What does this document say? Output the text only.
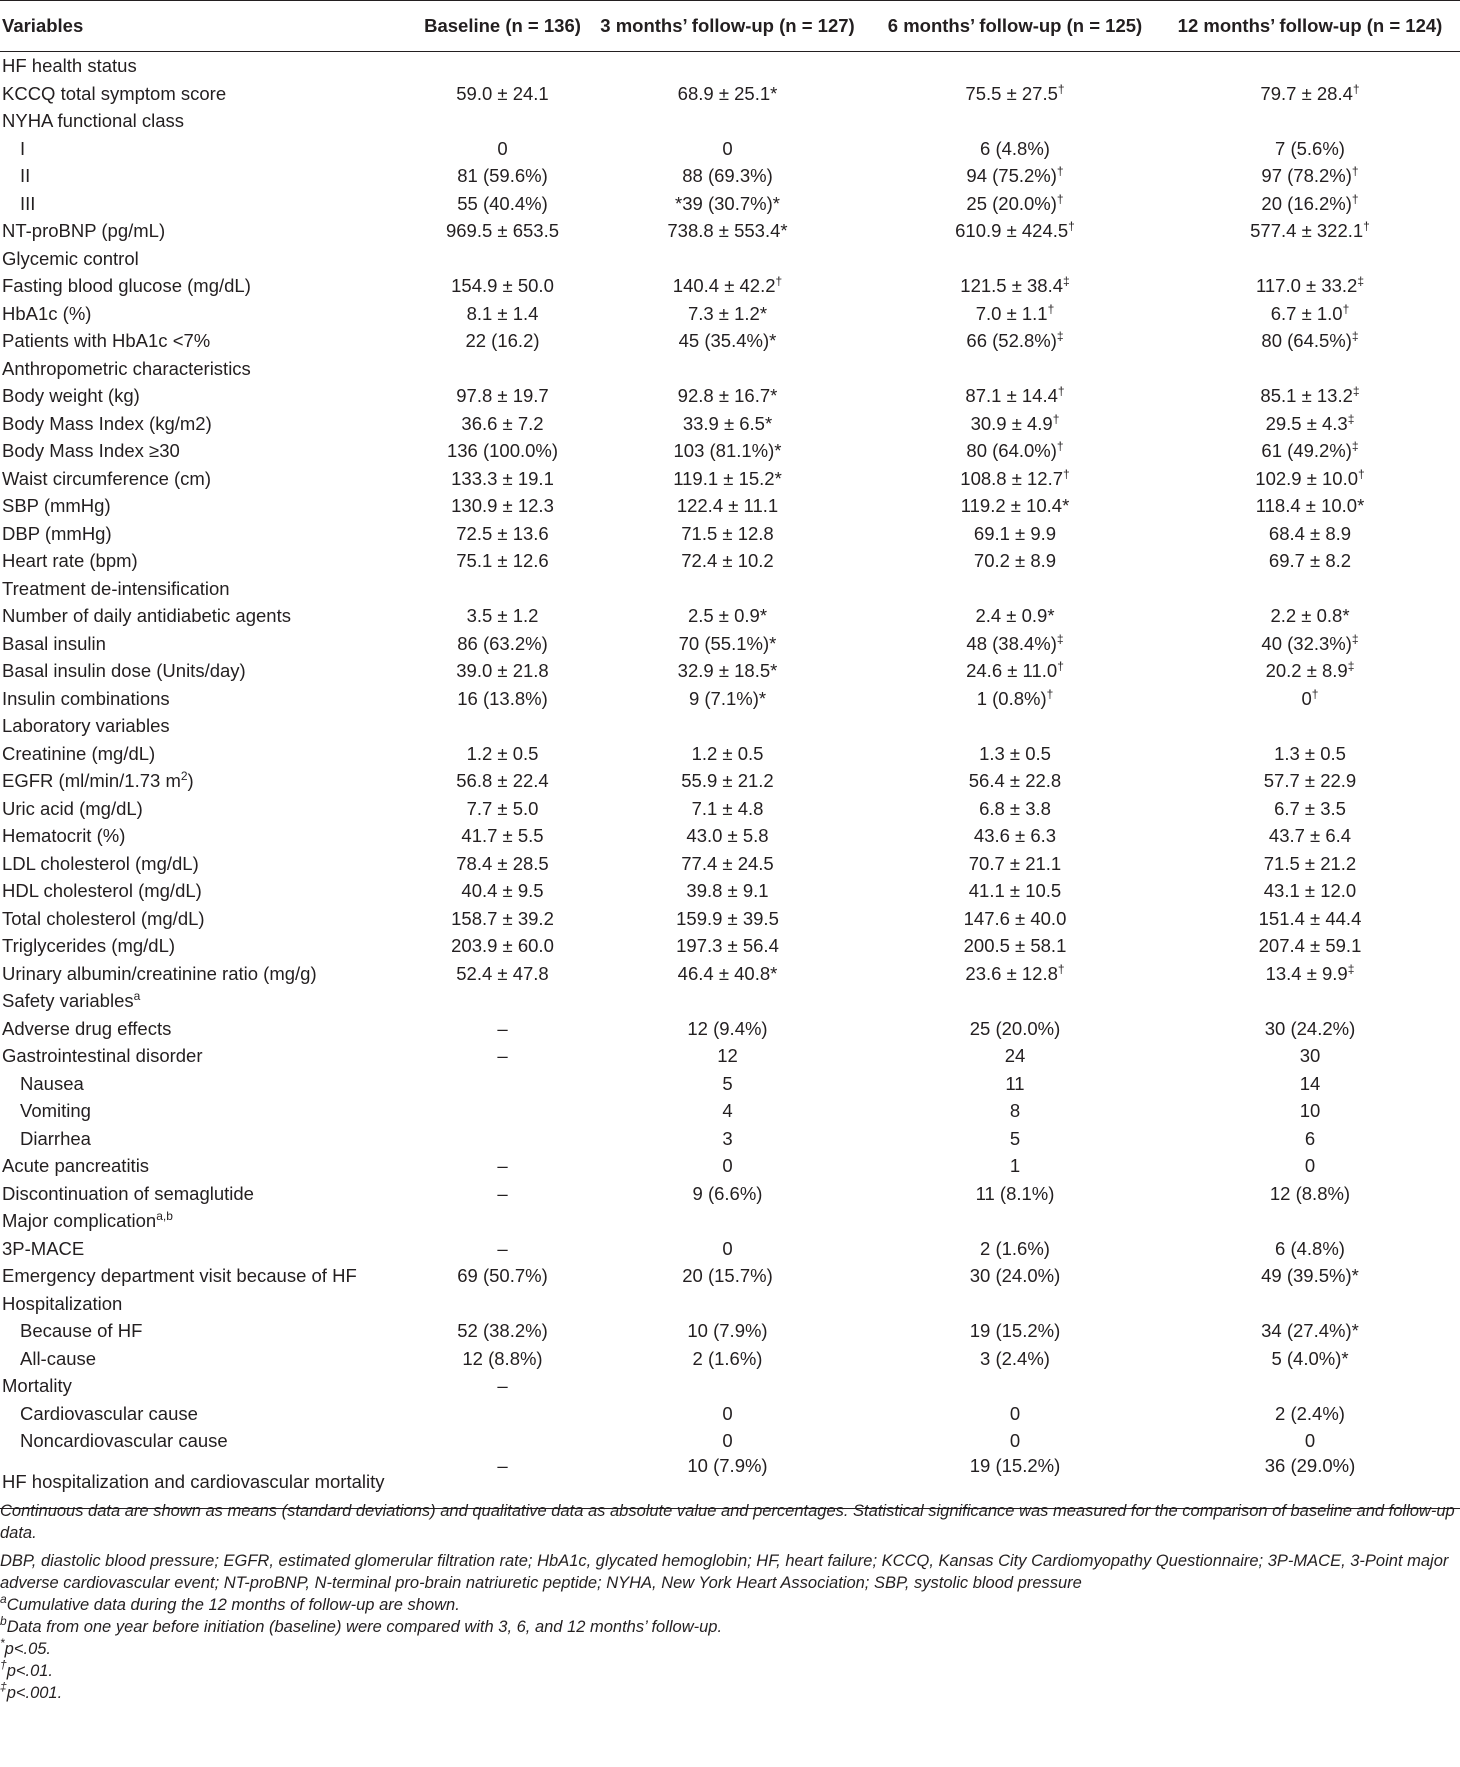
Variables	Baseline (n = 136)	3 months’ follow-up (n = 127)	6 months’ follow-up (n = 125)	12 months’ follow-up (n = 124)
HF health status				
KCCQ total symptom score	59.0 ± 24.1	68.9 ± 25.1*	75.5 ± 27.5†	79.7 ± 28.4†
NYHA functional class				
I	0	0	6 (4.8%)	7 (5.6%)
II	81 (59.6%)	88 (69.3%)	94 (75.2%)†	97 (78.2%)†
III	55 (40.4%)	*39 (30.7%)*	25 (20.0%)†	20 (16.2%)†
NT-proBNP (pg/mL)	969.5 ± 653.5	738.8 ± 553.4*	610.9 ± 424.5†	577.4 ± 322.1†
Glycemic control				
Fasting blood glucose (mg/dL)	154.9 ± 50.0	140.4 ± 42.2†	121.5 ± 38.4‡	117.0 ± 33.2‡
HbA1c (%)	8.1 ± 1.4	7.3 ± 1.2*	7.0 ± 1.1†	6.7 ± 1.0†
Patients with HbA1c <7%	22 (16.2)	45 (35.4%)*	66 (52.8%)‡	80 (64.5%)‡
Anthropometric characteristics				
Body weight (kg)	97.8 ± 19.7	92.8 ± 16.7*	87.1 ± 14.4†	85.1 ± 13.2‡
Body Mass Index (kg/m2)	36.6 ± 7.2	33.9 ± 6.5*	30.9 ± 4.9†	29.5 ± 4.3‡
Body Mass Index ≥30	136 (100.0%)	103 (81.1%)*	80 (64.0%)†	61 (49.2%)‡
Waist circumference (cm)	133.3 ± 19.1	119.1 ± 15.2*	108.8 ± 12.7†	102.9 ± 10.0†
SBP (mmHg)	130.9 ± 12.3	122.4 ± 11.1	119.2 ± 10.4*	118.4 ± 10.0*
DBP (mmHg)	72.5 ± 13.6	71.5 ± 12.8	69.1 ± 9.9	68.4 ± 8.9
Heart rate (bpm)	75.1 ± 12.6	72.4 ± 10.2	70.2 ± 8.9	69.7 ± 8.2
Treatment de-intensification				
Number of daily antidiabetic agents	3.5 ± 1.2	2.5 ± 0.9*	2.4 ± 0.9*	2.2 ± 0.8*
Basal insulin	86 (63.2%)	70 (55.1%)*	48 (38.4%)‡	40 (32.3%)‡
Basal insulin dose (Units/day)	39.0 ± 21.8	32.9 ± 18.5*	24.6 ± 11.0†	20.2 ± 8.9‡
Insulin combinations	16 (13.8%)	9 (7.1%)*	1 (0.8%)†	0†
Laboratory variables				
Creatinine (mg/dL)	1.2 ± 0.5	1.2 ± 0.5	1.3 ± 0.5	1.3 ± 0.5
EGFR (ml/min/1.73 $m^2$)	56.8 ± 22.4	55.9 ± 21.2	56.4 ± 22.8	57.7 ± 22.9
Uric acid (mg/dL)	7.7 ± 5.0	7.1 ± 4.8	6.8 ± 3.8	6.7 ± 3.5
Hematocrit (%)	41.7 ± 5.5	43.0 ± 5.8	43.6 ± 6.3	43.7 ± 6.4
LDL cholesterol (mg/dL)	78.4 ± 28.5	77.4 ± 24.5	70.7 ± 21.1	71.5 ± 21.2
HDL cholesterol (mg/dL)	40.4 ± 9.5	39.8 ± 9.1	41.1 ± 10.5	43.1 ± 12.0
Total cholesterol (mg/dL)	158.7 ± 39.2	159.9 ± 39.5	147.6 ± 40.0	151.4 ± 44.4
Triglycerides (mg/dL)	203.9 ± 60.0	197.3 ± 56.4	200.5 ± 58.1	207.4 ± 59.1
Urinary albumin/creatinine ratio (mg/g)	52.4 ± 47.8	46.4 ± 40.8*	23.6 ± 12.8†	13.4 ± 9.9‡
Safety variables$^a$				
Adverse drug effects	–	12 (9.4%)	25 (20.0%)	30 (24.2%)
Gastrointestinal disorder	–	12	24	30
Nausea		5	11	14
Vomiting		4	8	10
Diarrhea		3	5	6
Acute pancreatitis	–	0	1	0
Discontinuation of semaglutide	–	9 (6.6%)	11 (8.1%)	12 (8.8%)
Major complication$^{a,b}$				
3P-MACE	–	0	2 (1.6%)	6 (4.8%)
Emergency department visit because of HF	69 (50.7%)	20 (15.7%)	30 (24.0%)	49 (39.5%)*
Hospitalization				
Because of HF	52 (38.2%)	10 (7.9%)	19 (15.2%)	34 (27.4%)*
All-cause	12 (8.8%)	2 (1.6%)	3 (2.4%)	5 (4.0%)*
Mortality	–			
Cardiovascular cause		0	0	2 (2.4%)
Noncardiovascular cause		0	0	0
HF hospitalization and cardiovascular mortality	–	10 (7.9%)	19 (15.2%)	36 (29.0%)

Continuous data are shown as means (standard deviations) and qualitative data as absolute value and percentages. Statistical significance was measured for the comparison of baseline and follow-up data.

DBP, diastolic blood pressure; EGFR, estimated glomerular filtration rate; HbA1c, glycated hemoglobin; HF, heart failure; KCCQ, Kansas City Cardiomyopathy Questionnaire; 3P-MACE, 3-Point major adverse cardiovascular event; NT-proBNP, N-terminal pro-brain natriuretic peptide; NYHA, New York Heart Association; SBP, systolic blood pressure

$^a$Cumulative data during the 12 months of follow-up are shown.

$^b$Data from one year before initiation (baseline) were compared with 3, 6, and 12 months’ follow-up.

*p<.05.

†p<.01.

‡p<.001.
